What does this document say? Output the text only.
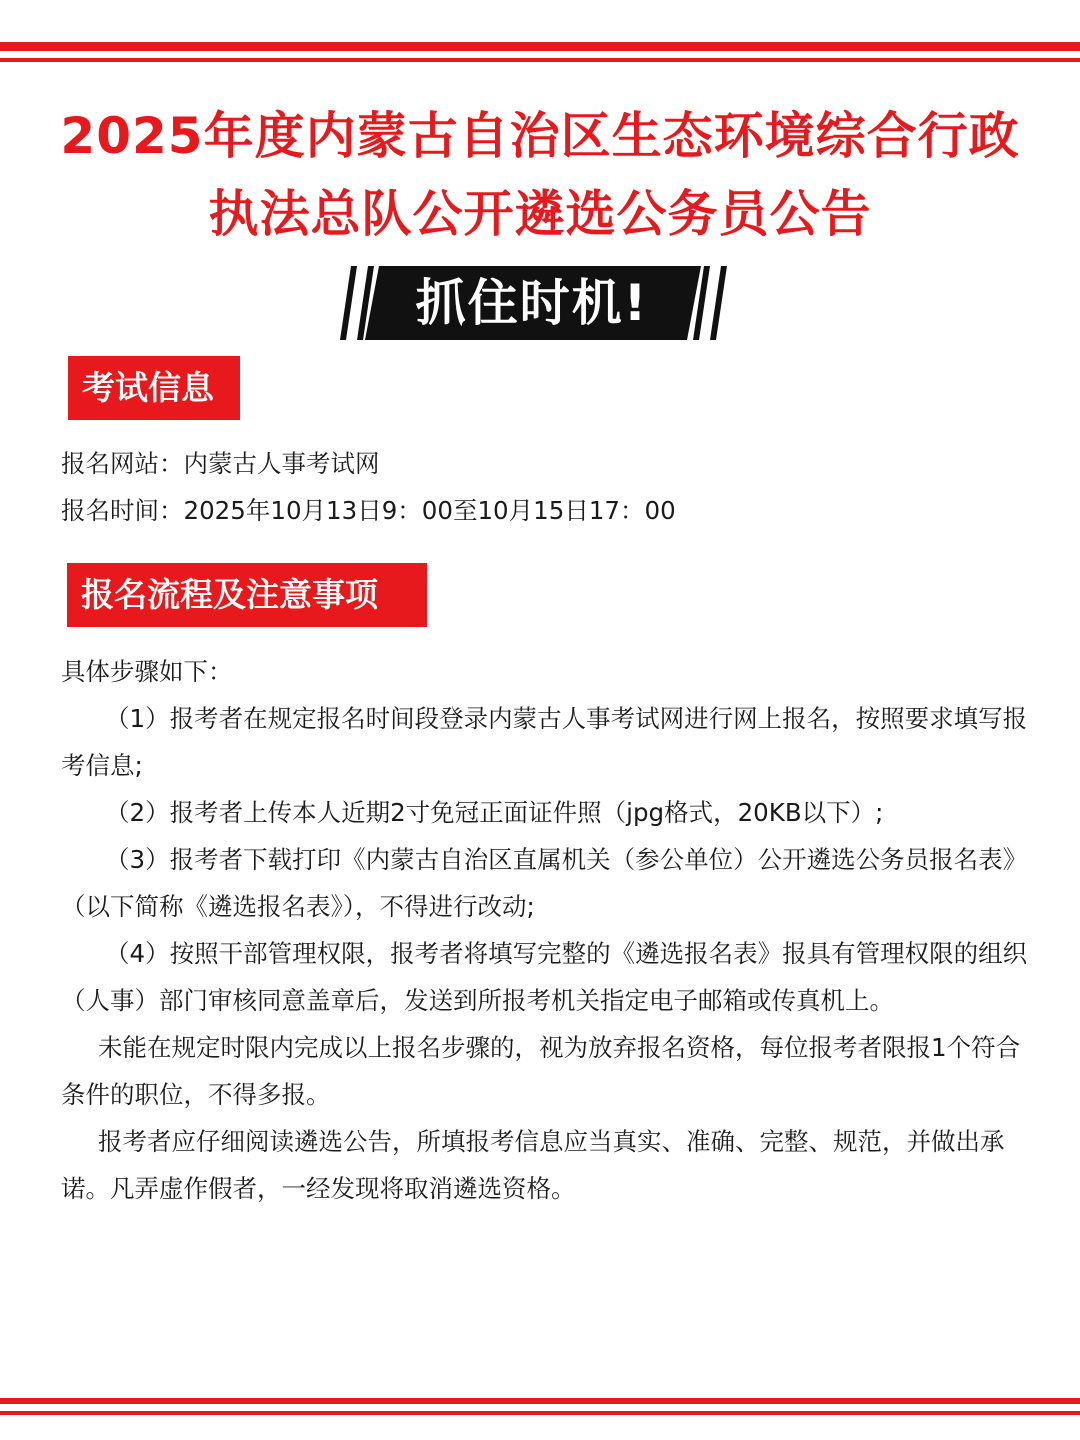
2025年度内蒙古自治区生态环境综合行政
执法总队公开遴选公务员公告
抓住时机!
考试信息
报名网站：内蒙古人事考试网
报名时间：2025年10月13日9：00至10月15日17：00
报名流程及注意事项

具体步骤如下：

（1）报考者在规定报名时间段登录内蒙古人事考试网进行网上报名，按照要求填写报考信息;

（2）报考者上传本人近期2寸免冠正面证件照（jpg格式，20KB以下）;

（3）报考者下载打印《内蒙古自治区直属机关（参公单位）公开遴选公务员报名表》（以下简称《遴选报名表》），不得进行改动;

（4）按照干部管理权限，报考者将填写完整的《遴选报名表》报具有管理权限的组织（人事）部门审核同意盖章后，发送到所报考机关指定电子邮箱或传真机上。

未能在规定时限内完成以上报名步骤的，视为放弃报名资格，每位报考者限报1个符合条件的职位，不得多报。

报考者应仔细阅读遴选公告，所填报考信息应当真实、准确、完整、规范，并做出承诺。凡弄虚作假者，一经发现将取消遴选资格。
